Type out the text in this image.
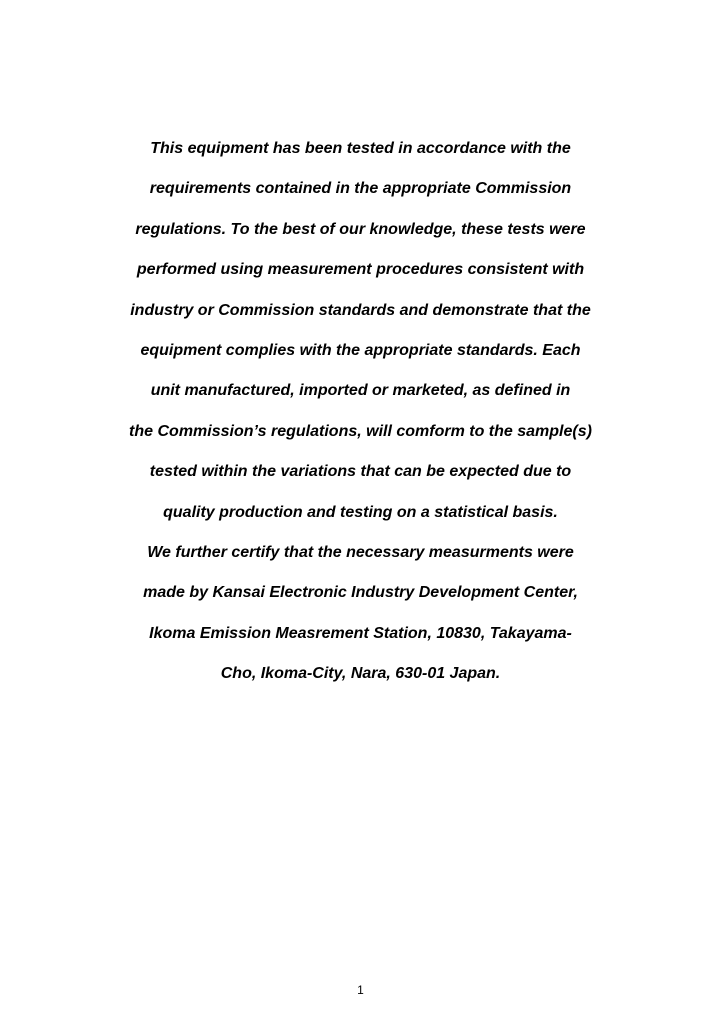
This equipment has been tested in accordance with the
requirements contained in the appropriate Commission
regulations. To the best of our knowledge, these tests were
performed using measurement procedures consistent with
industry or Commission standards and demonstrate that the
equipment complies with the appropriate standards. Each
unit manufactured, imported or marketed, as defined in
the Commission’s regulations, will comform to the sample(s)
tested within the variations that can be expected due to
quality production and testing on a statistical basis.
We further certify that the necessary measurments were
made by Kansai Electronic Industry Development Center,
Ikoma Emission Measrement Station, 10830, Takayama-
Cho, Ikoma-City, Nara, 630-01 Japan.
1
